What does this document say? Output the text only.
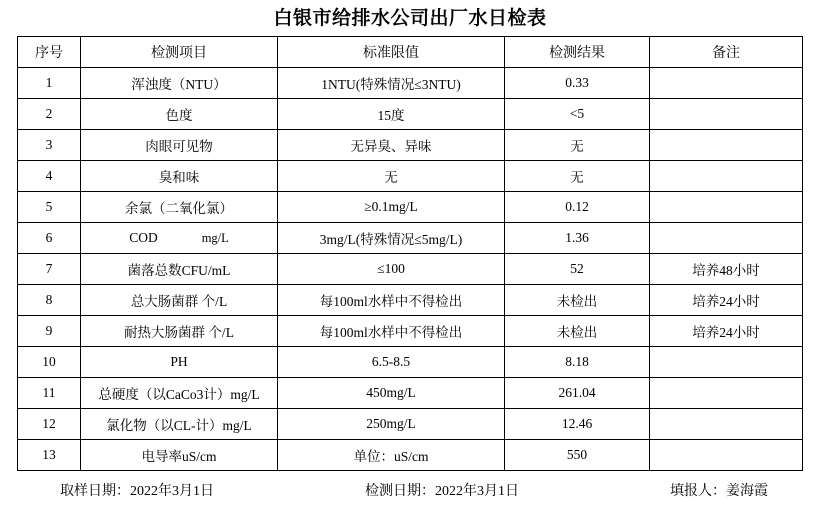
白银市给排水公司出厂水日检表
序号	检测项目	标准限值	检测结果	备注
1	浑浊度（NTU）	1NTU(特殊情况≤3NTU)	0.33	
2	色度	15度	<5	
3	肉眼可见物	无异臭、异味	无	
4	臭和味	无	无	
5	余氯（二氧化氯）	≥0.1mg/L	0.12	
6	COD mg/L	3mg/L(特殊情况≤5mg/L)	1.36	
7	菌落总数CFU/mL	≤100	52	培养48小时
8	总大肠菌群 个/L	每100ml水样中不得检出	未检出	培养24小时
9	耐热大肠菌群 个/L	每100ml水样中不得检出	未检出	培养24小时
10	PH	6.5-8.5	8.18	
11	总硬度（以CaCo3计）mg/L	450mg/L	261.04	
12	氯化物（以CL-计）mg/L	250mg/L	12.46	
13	电导率uS/cm	单位：uS/cm	550	
取样日期：2022年3月1日	检测日期：2022年3月1日	填报人：姜海霞
